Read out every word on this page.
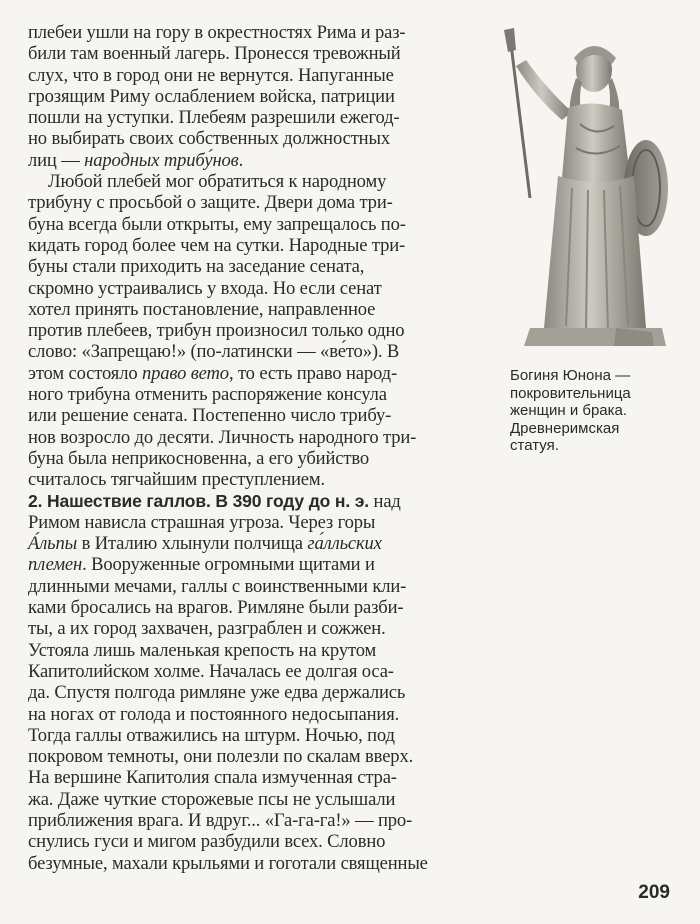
плебеи ушли на гору в окрестностях Рима и раз-
били там военный лагерь. Пронесся тревожный
слух, что в город они не вернутся. Напуганные
грозящим Риму ослаблением войска, патриции
пошли на уступки. Плебеям разрешили ежегод-
но выбирать своих собственных должностных
лиц — народных трибу́нов.
Любой плебей мог обратиться к народному
трибуну с просьбой о защите. Двери дома три-
буна всегда были открыты, ему запрещалось по-
кидать город более чем на сутки. Народные три-
буны стали приходить на заседание сената,
скромно устраивались у входа. Но если сенат
хотел принять постановление, направленное
против плебеев, трибун произносил только одно
слово: «Запрещаю!» (по-латински — «ве́то»). В
этом состояло право вето, то есть право народ-
ного трибуна отменить распоряжение консула
или решение сената. Постепенно число трибу-
нов возросло до десяти. Личность народного три-
буна была неприкосновенна, а его убийство
считалось тягчайшим преступлением.
2. Нашествие галлов. В 390 году до н. э. над
Римом нависла страшная угроза. Через горы
А́льпы в Италию хлынули полчища га́лльских
племен. Вооруженные огромными щитами и
длинными мечами, галлы с воинственными кли-
ками бросались на врагов. Римляне были разби-
ты, а их город захвачен, разграблен и сожжен.
Устояла лишь маленькая крепость на крутом
Капитолийском холме. Началась ее долгая оса-
да. Спустя полгода римляне уже едва держались
на ногах от голода и постоянного недосыпания.
Тогда галлы отважились на штурм. Ночью, под
покровом темноты, они полезли по скалам вверх.
На вершине Капитолия спала измученная стра-
жа. Даже чуткие сторожевые псы не услышали
приближения врага. И вдруг... «Га-га-га!» — про-
снулись гуси и мигом разбудили всех. Словно
безумные, махали крыльями и гоготали священные
Богиня Юнона —
покровительница
женщин и брака.
Древнеримская
статуя.
209
